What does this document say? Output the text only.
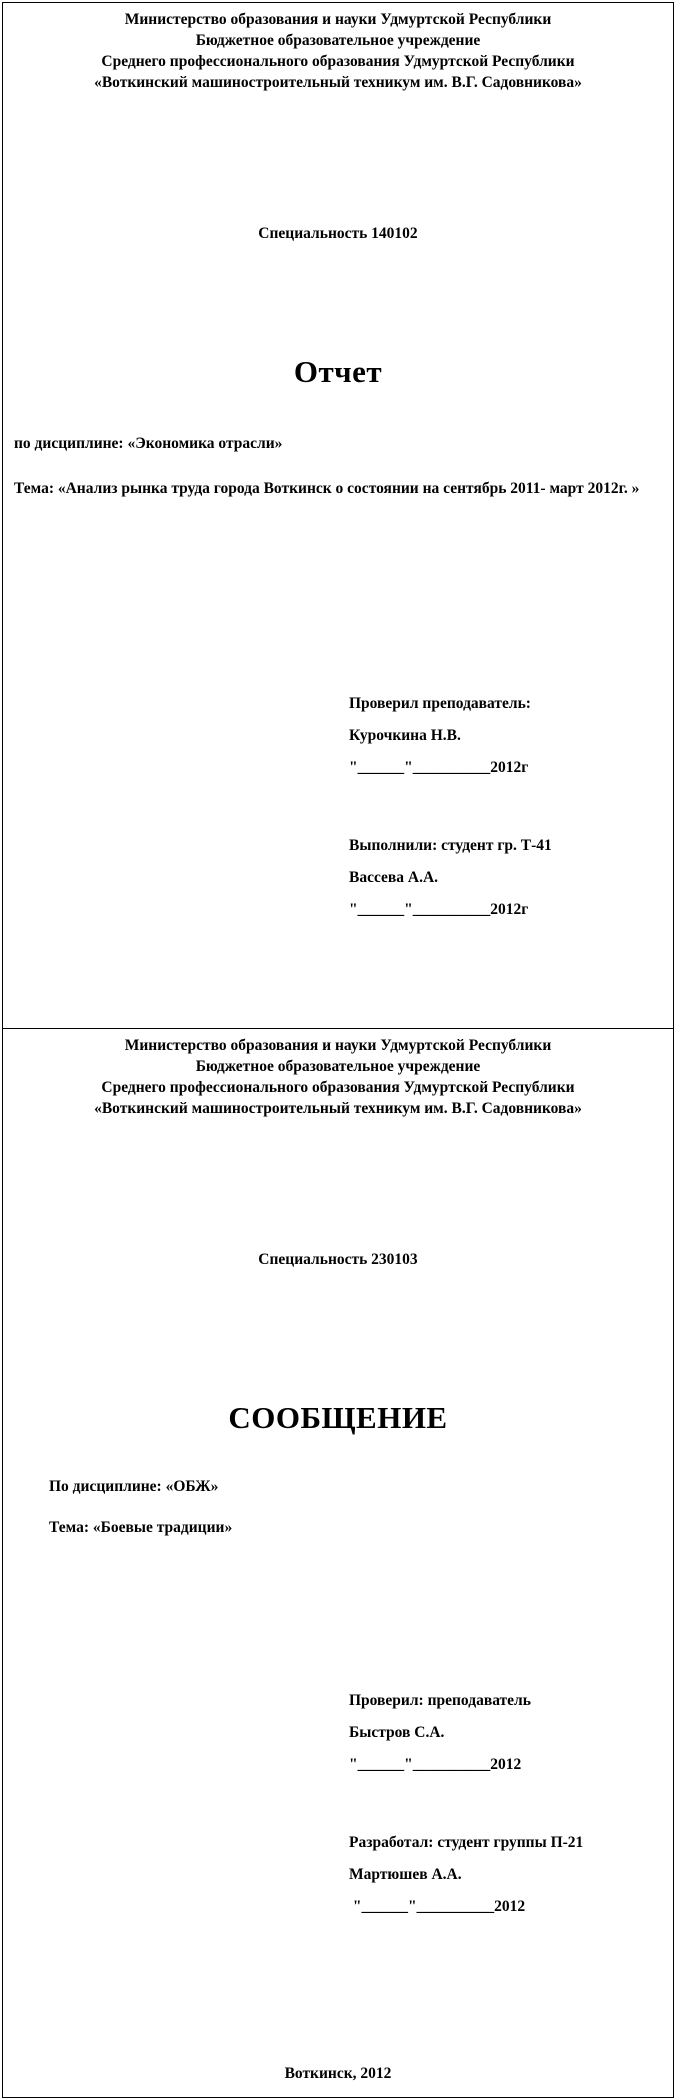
Министерство образования и науки Удмуртской Республики
Бюджетное образовательное учреждение
Среднего профессионального образования Удмуртской Республики
«Воткинский машиностроительный техникум им. В.Г. Садовникова»
Специальность 140102
Отчет
по дисциплине: «Экономика отрасли»
Тема: «Анализ рынка труда города Воткинск о состоянии на сентябрь 2011- март 2012г. »
Проверил преподаватель:
Курочкина Н.В.
"______"__________2012г
Выполнили: студент гр. Т-41
Вассева А.А.
"______"__________2012г
Министерство образования и науки Удмуртской Республики
Бюджетное образовательное учреждение
Среднего профессионального образования Удмуртской Республики
«Воткинский машиностроительный техникум им. В.Г. Садовникова»
Специальность 230103
СООБЩЕНИЕ
По дисциплине: «ОБЖ»
Тема: «Боевые традиции»
Проверил: преподаватель
Быстров С.А.
"______"__________2012
Разработал: студент группы П-21
Мартюшев А.А.
"______"__________2012
Воткинск, 2012
